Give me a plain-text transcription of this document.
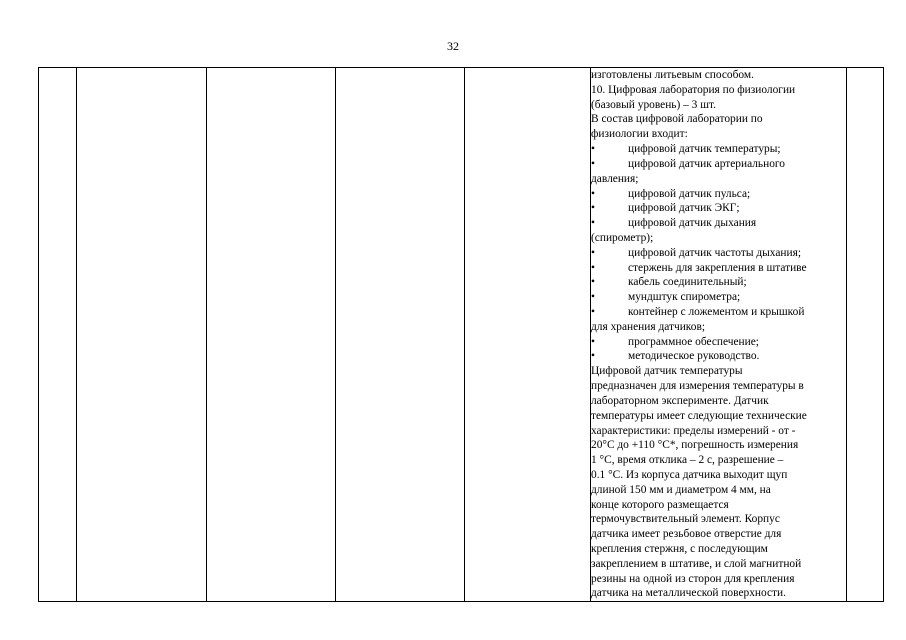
32

изготовлены литьевым способом.
10. Цифровая лаборатория по физиологии
(базовый уровень) – 3 шт.
В состав цифровой лаборатории по
физиологии входит:
•	цифровой датчик температуры;
•	цифровой датчик артериального
давления;
•	цифровой датчик пульса;
•	цифровой датчик ЭКГ;
•	цифровой датчик дыхания
(спирометр);
•	цифровой датчик частоты дыхания;
•	стержень для закрепления в штативе
•	кабель соединительный;
•	мундштук спирометра;
•	контейнер с ложементом и крышкой
для хранения датчиков;
•	программное обеспечение;
•	методическое руководство.
Цифровой датчик температуры
предназначен для измерения температуры в
лабораторном эксперименте. Датчик
температуры имеет следующие технические
характеристики: пределы измерений - от -
20°С до +110 °С*, погрешность измерения
1 °С, время отклика – 2 с, разрешение –
0.1 °С. Из корпуса датчика выходит щуп
длиной 150 мм и диаметром 4 мм, на
конце которого размещается
термочувствительный элемент. Корпус
датчика имеет резьбовое отверстие для
крепления стержня, с последующим
закреплением в штативе, и слой магнитной
резины на одной из сторон для крепления
датчика на металлической поверхности.
